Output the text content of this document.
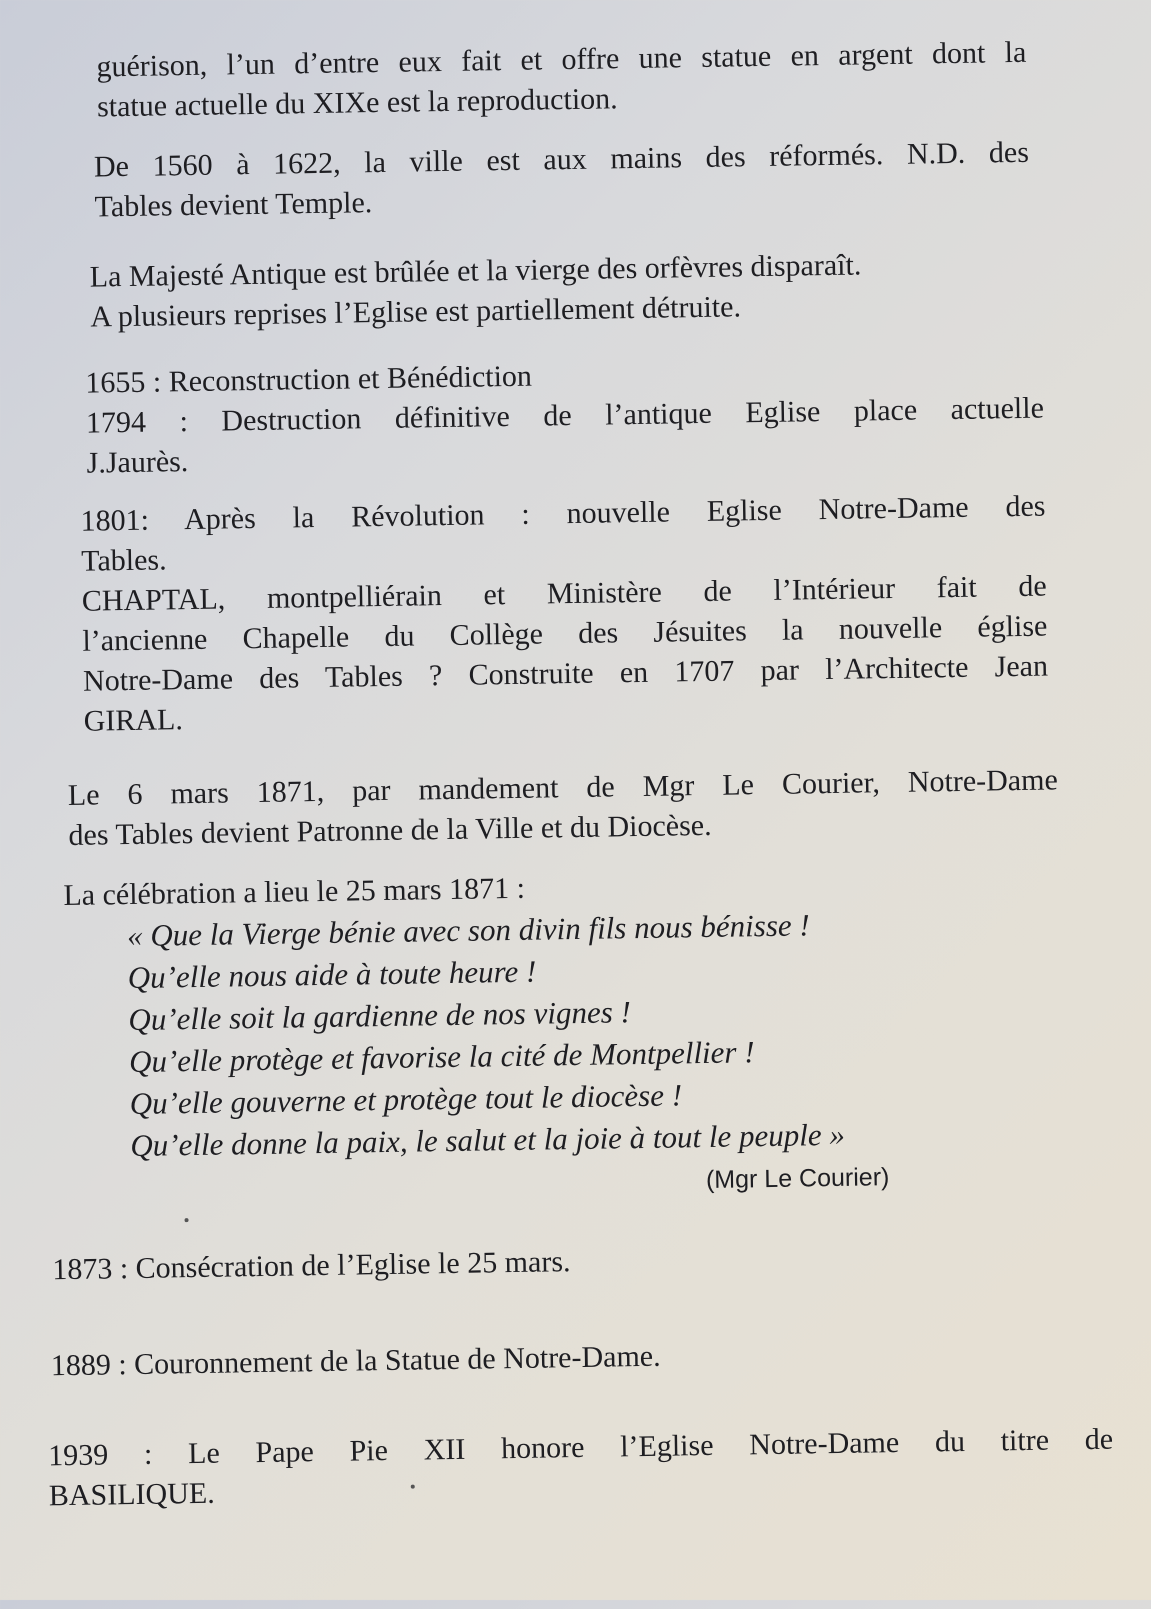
guérison, l’un d’entre eux fait et offre une statue en argent dont la
statue actuelle du XIXe est la reproduction.
De 1560 à 1622, la ville est aux mains des réformés. N.D. des
Tables devient Temple.
La Majesté Antique est brûlée et la vierge des orfèvres disparaît.
A plusieurs reprises l’Eglise est partiellement détruite.
1655 : Reconstruction et Bénédiction
1794 : Destruction définitive de l’antique Eglise place actuelle
J.Jaurès.
1801: Après la Révolution : nouvelle Eglise Notre-Dame des
Tables.
CHAPTAL, montpelliérain et Ministère de l’Intérieur fait de
l’ancienne Chapelle du Collège des Jésuites la nouvelle église
Notre-Dame des Tables ? Construite en 1707 par l’Architecte Jean
GIRAL.
Le 6 mars 1871, par mandement de Mgr Le Courier, Notre-Dame
des Tables devient Patronne de la Ville et du Diocèse.
La célébration a lieu le 25 mars 1871 :
« Que la Vierge bénie avec son divin fils nous bénisse !
Qu’elle nous aide à toute heure !
Qu’elle soit la gardienne de nos vignes !
Qu’elle protège et favorise la cité de Montpellier !
Qu’elle gouverne et protège tout le diocèse !
Qu’elle donne la paix, le salut et la joie à tout le peuple »
(Mgr Le Courier)
1873 : Consécration de l’Eglise le 25 mars.
1889 : Couronnement de la Statue de Notre-Dame.
1939 : Le Pape Pie XII honore l’Eglise Notre-Dame du titre de
BASILIQUE.
